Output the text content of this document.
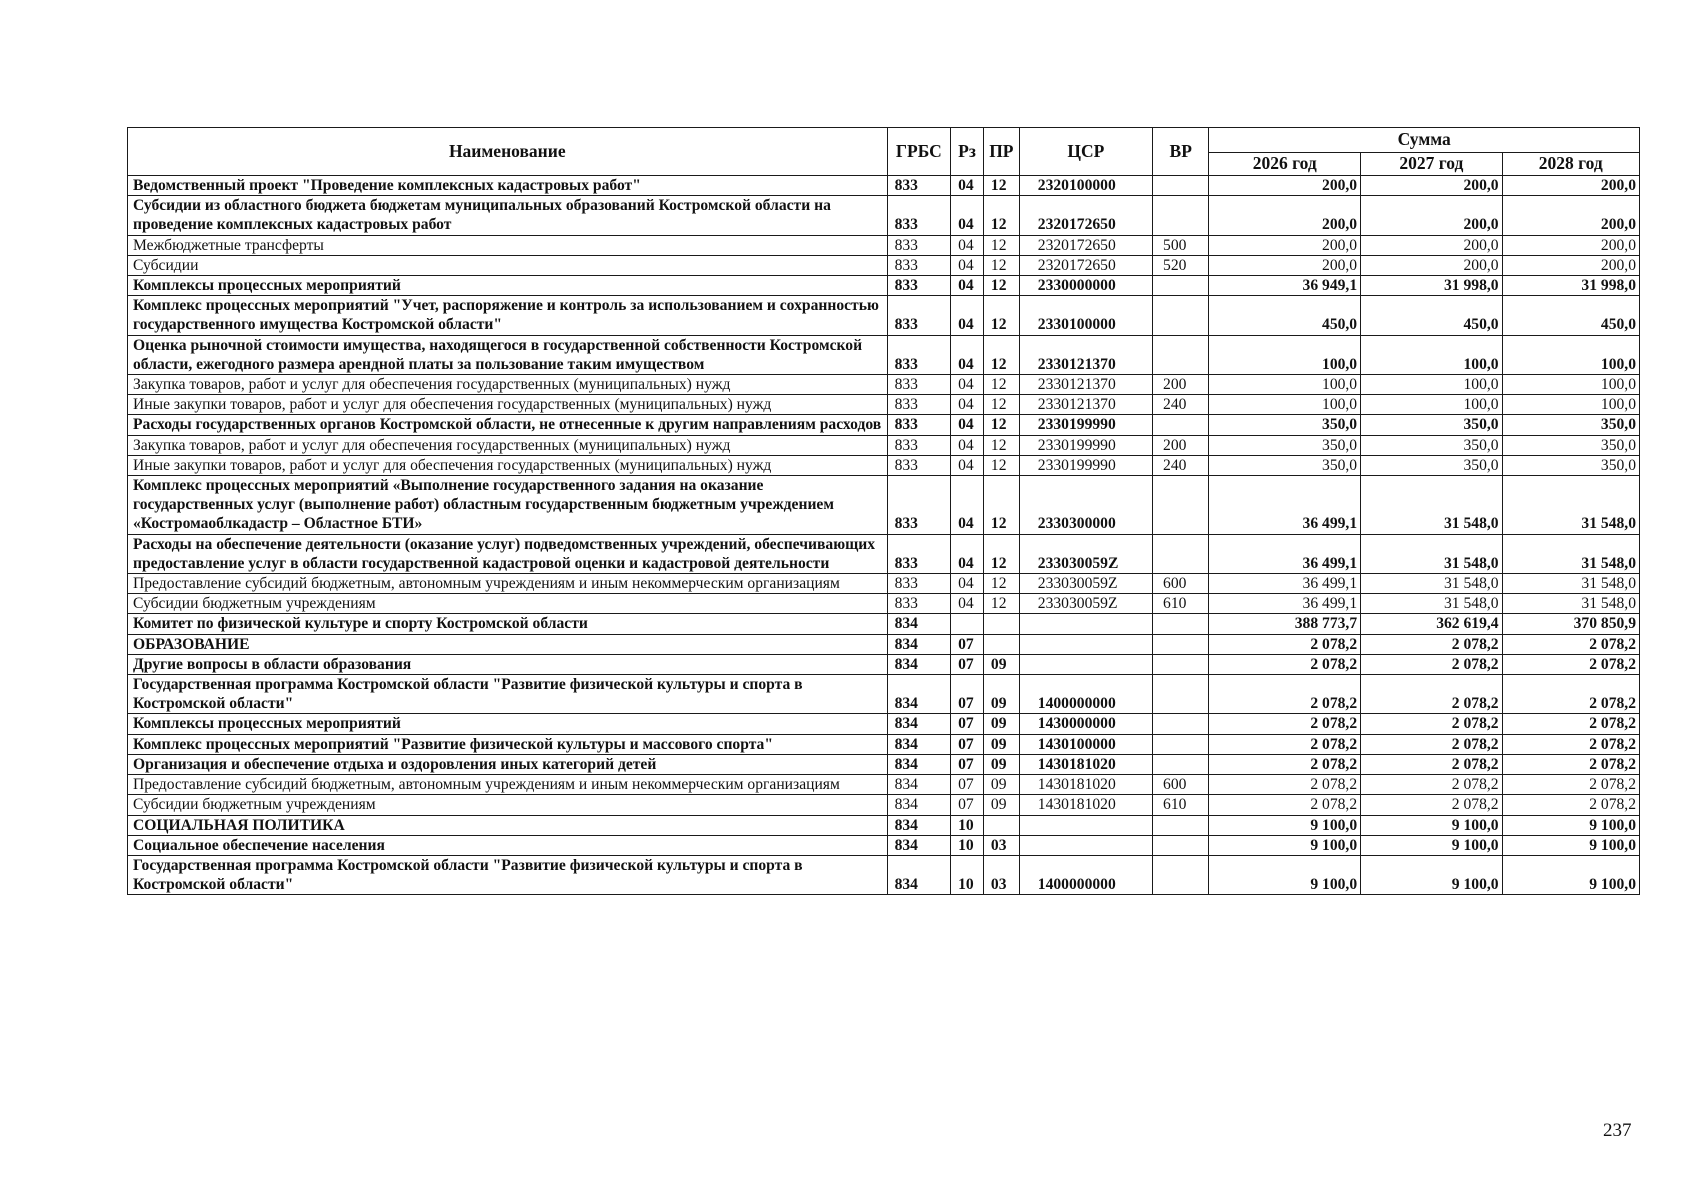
Наименование	ГРБС	Рз	ПР	ЦСР	ВР	Сумма		
						2026 год	2027 год	2028 год
Ведомственный проект "Проведение комплексных кадастровых работ"	833	04	12	2320100000		200,0	200,0	200,0
Субсидии из областного бюджета бюджетам муниципальных образований Костромской области на проведение комплексных кадастровых работ	833	04	12	2320172650		200,0	200,0	200,0
Межбюджетные трансферты	833	04	12	2320172650	500	200,0	200,0	200,0
Субсидии	833	04	12	2320172650	520	200,0	200,0	200,0
Комплексы процессных мероприятий	833	04	12	2330000000		36 949,1	31 998,0	31 998,0
Комплекс процессных мероприятий "Учет, распоряжение и контроль за использованием и сохранностью государственного имущества Костромской области"	833	04	12	2330100000		450,0	450,0	450,0
Оценка рыночной стоимости имущества, находящегося в государственной собственности Костромской области, ежегодного размера арендной платы за пользование таким имуществом	833	04	12	2330121370		100,0	100,0	100,0
Закупка товаров, работ и услуг для обеспечения государственных (муниципальных) нужд	833	04	12	2330121370	200	100,0	100,0	100,0
Иные закупки товаров, работ и услуг для обеспечения государственных (муниципальных) нужд	833	04	12	2330121370	240	100,0	100,0	100,0
Расходы государственных органов Костромской области, не отнесенные к другим направлениям расходов	833	04	12	2330199990		350,0	350,0	350,0
Закупка товаров, работ и услуг для обеспечения государственных (муниципальных) нужд	833	04	12	2330199990	200	350,0	350,0	350,0
Иные закупки товаров, работ и услуг для обеспечения государственных (муниципальных) нужд	833	04	12	2330199990	240	350,0	350,0	350,0
Комплекс процессных мероприятий «Выполнение государственного задания на оказание государственных услуг (выполнение работ) областным государственным бюджетным учреждением «Костромаоблкадастр – Областное БТИ»	833	04	12	2330300000		36 499,1	31 548,0	31 548,0
Расходы на обеспечение деятельности (оказание услуг) подведомственных учреждений, обеспечивающих предоставление услуг в области государственной кадастровой оценки и кадастровой деятельности	833	04	12	233030059Z		36 499,1	31 548,0	31 548,0
Предоставление субсидий бюджетным, автономным учреждениям и иным некоммерческим организациям	833	04	12	233030059Z	600	36 499,1	31 548,0	31 548,0
Субсидии бюджетным учреждениям	833	04	12	233030059Z	610	36 499,1	31 548,0	31 548,0
Комитет по физической культуре и спорту Костромской области	834					388 773,7	362 619,4	370 850,9
ОБРАЗОВАНИЕ	834	07				2 078,2	2 078,2	2 078,2
Другие вопросы в области образования	834	07	09			2 078,2	2 078,2	2 078,2
Государственная программа Костромской области "Развитие физической культуры и спорта в Костромской области"	834	07	09	1400000000		2 078,2	2 078,2	2 078,2
Комплексы процессных мероприятий	834	07	09	1430000000		2 078,2	2 078,2	2 078,2
Комплекс процессных мероприятий "Развитие физической культуры и массового спорта"	834	07	09	1430100000		2 078,2	2 078,2	2 078,2
Организация и обеспечение отдыха и оздоровления иных категорий детей	834	07	09	1430181020		2 078,2	2 078,2	2 078,2
Предоставление субсидий бюджетным, автономным учреждениям и иным некоммерческим организациям	834	07	09	1430181020	600	2 078,2	2 078,2	2 078,2
Субсидии бюджетным учреждениям	834	07	09	1430181020	610	2 078,2	2 078,2	2 078,2
СОЦИАЛЬНАЯ ПОЛИТИКА	834	10				9 100,0	9 100,0	9 100,0
Социальное обеспечение населения	834	10	03			9 100,0	9 100,0	9 100,0
Государственная программа Костромской области "Развитие физической культуры и спорта в Костромской области"	834	10	03	1400000000		9 100,0	9 100,0	9 100,0
237
